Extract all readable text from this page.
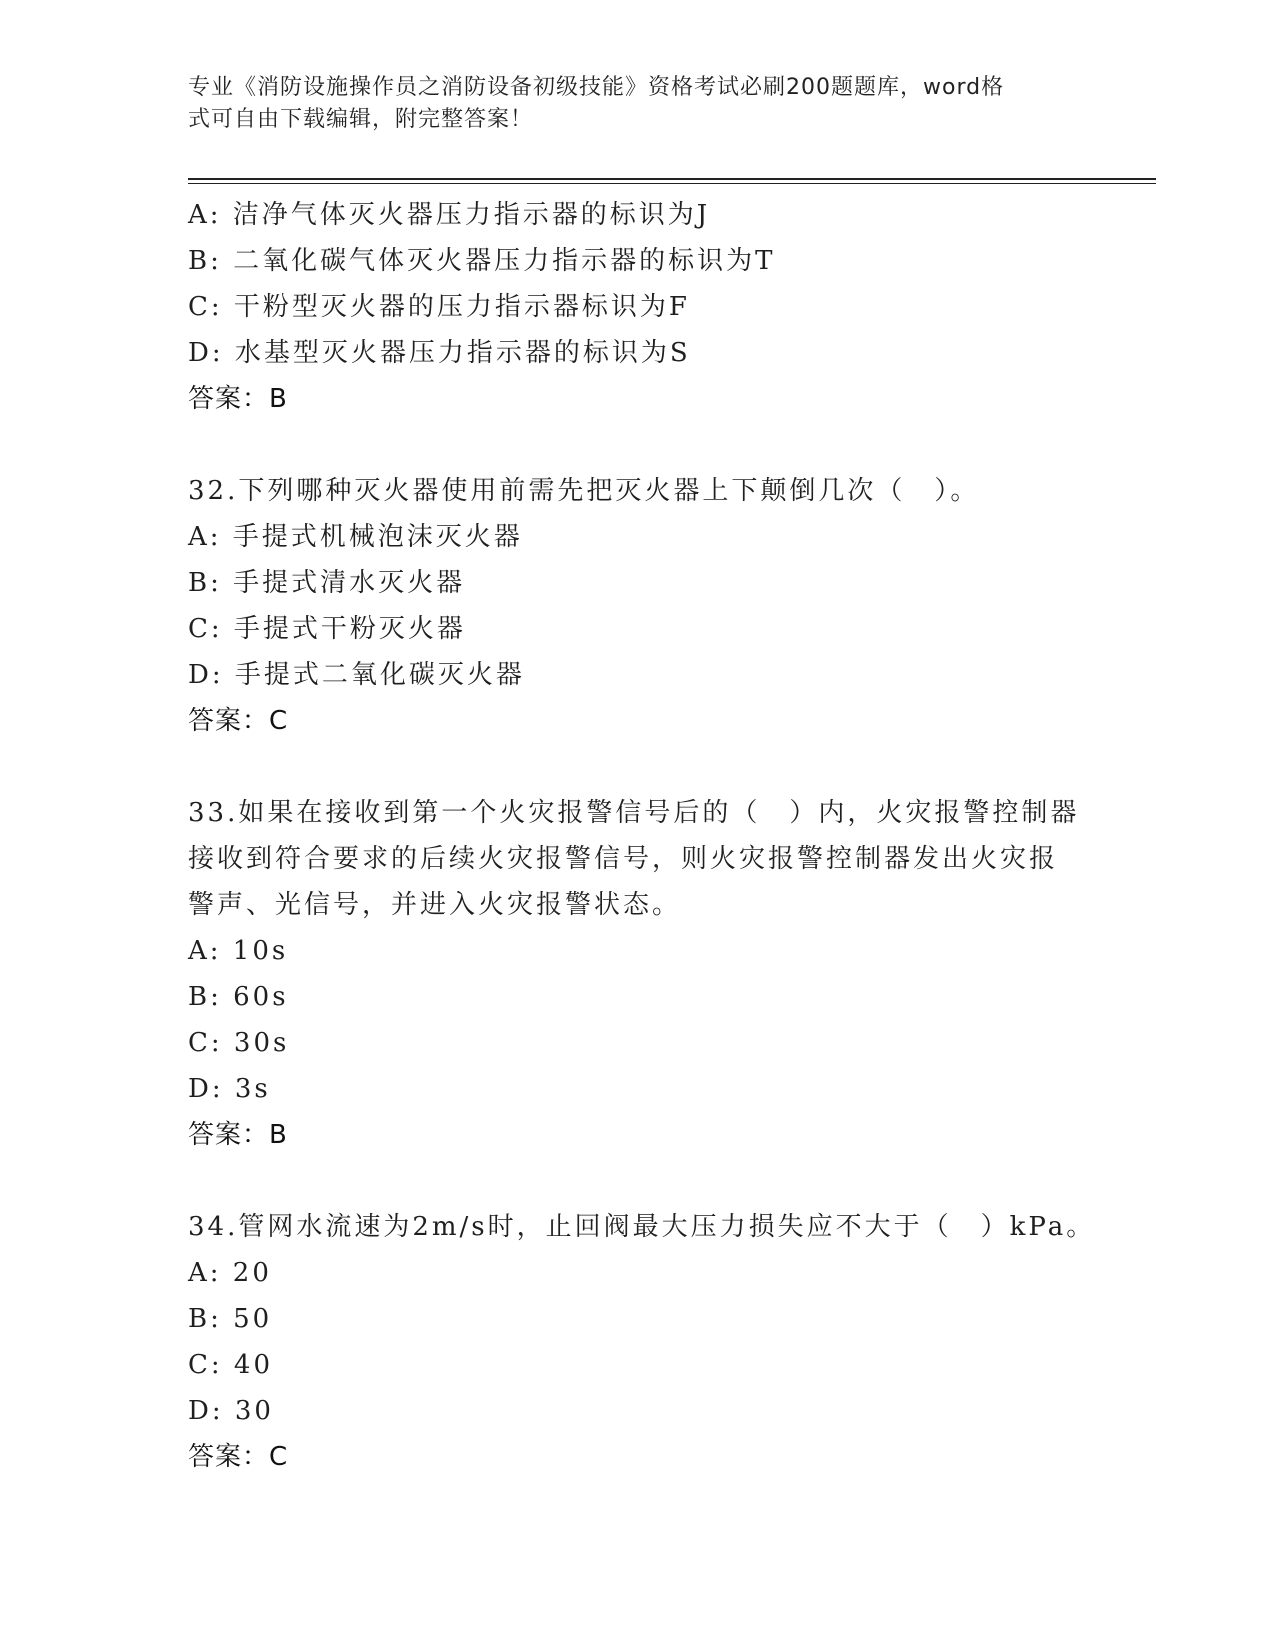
专业《消防设施操作员之消防设备初级技能》资格考试必刷200题题库，word格
式可自由下载编辑，附完整答案！
A: 洁净气体灭火器压力指示器的标识为J
B: 二氧化碳气体灭火器压力指示器的标识为T
C: 干粉型灭火器的压力指示器标识为F
D: 水基型灭火器压力指示器的标识为S
答案：B
32.下列哪种灭火器使用前需先把灭火器上下颠倒几次（　）。
A: 手提式机械泡沫灭火器
B: 手提式清水灭火器
C: 手提式干粉灭火器
D: 手提式二氧化碳灭火器
答案：C
33.如果在接收到第一个火灾报警信号后的（　）内，火灾报警控制器
接收到符合要求的后续火灾报警信号，则火灾报警控制器发出火灾报
警声、光信号，并进入火灾报警状态。
A: 10s
B: 60s
C: 30s
D: 3s
答案：B
34.管网水流速为2m/s时，止回阀最大压力损失应不大于（　）kPa。
A: 20
B: 50
C: 40
D: 30
答案：C
